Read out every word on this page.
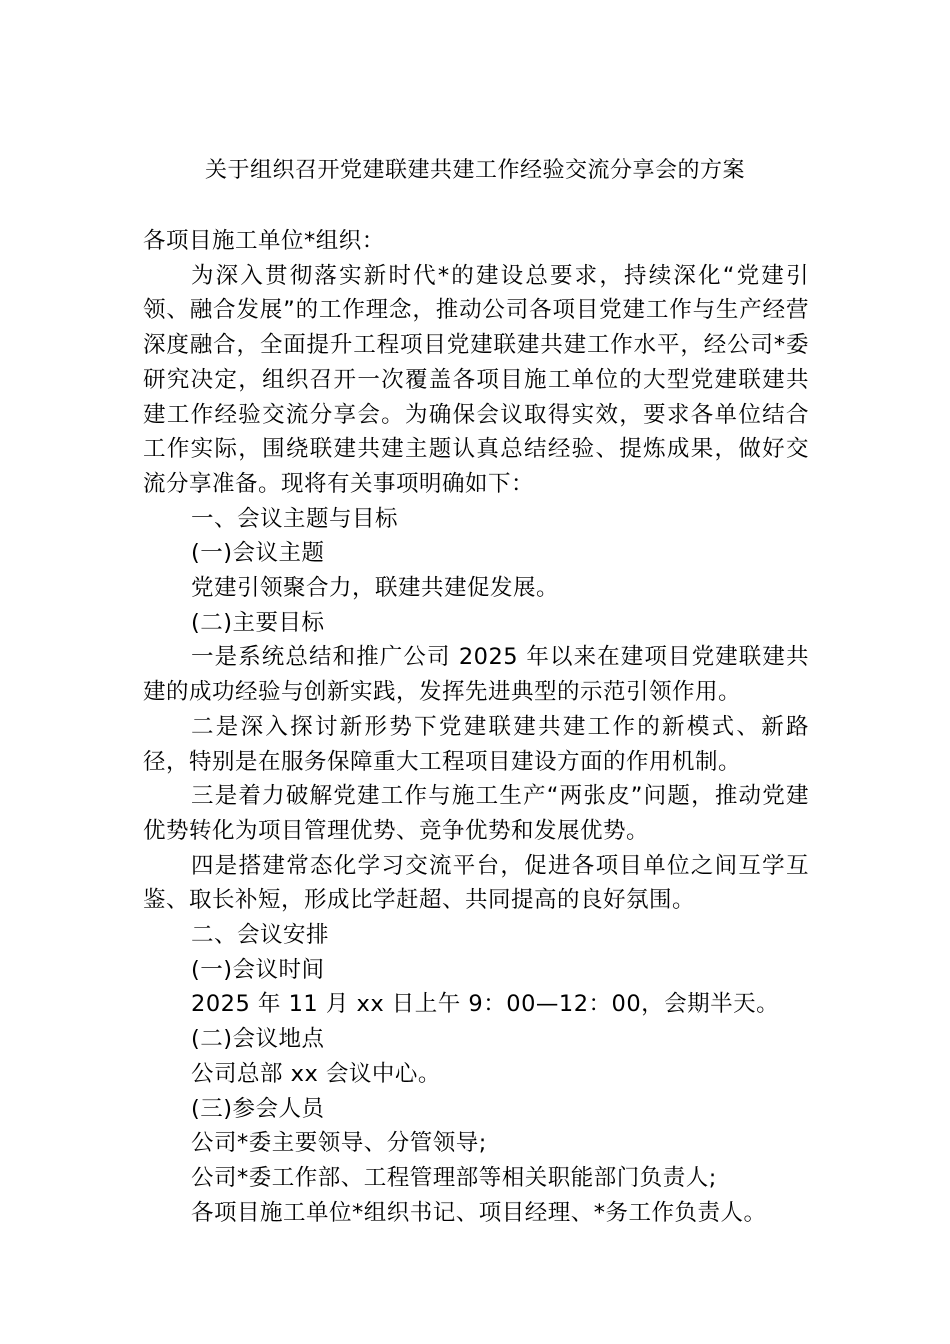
关于组织召开党建联建共建工作经验交流分享会的方案

各项目施工单位*组织：

为深入贯彻落实新时代*的建设总要求，持续深化“党建引领、融合发展”的工作理念，推动公司各项目党建工作与生产经营深度融合，全面提升工程项目党建联建共建工作水平，经公司*委研究决定，组织召开一次覆盖各项目施工单位的大型党建联建共建工作经验交流分享会。为确保会议取得实效，要求各单位结合工作实际，围绕联建共建主题认真总结经验、提炼成果，做好交流分享准备。现将有关事项明确如下：

一、会议主题与目标

(一)会议主题

党建引领聚合力，联建共建促发展。

(二)主要目标

一是系统总结和推广公司 2025 年以来在建项目党建联建共建的成功经验与创新实践，发挥先进典型的示范引领作用。

二是深入探讨新形势下党建联建共建工作的新模式、新路径，特别是在服务保障重大工程项目建设方面的作用机制。

三是着力破解党建工作与施工生产“两张皮”问题，推动党建优势转化为项目管理优势、竞争优势和发展优势。

四是搭建常态化学习交流平台，促进各项目单位之间互学互鉴、取长补短，形成比学赶超、共同提高的良好氛围。

二、会议安排

(一)会议时间

2025 年 11 月 xx 日上午 9：00—12：00，会期半天。

(二)会议地点

公司总部 xx 会议中心。

(三)参会人员

公司*委主要领导、分管领导;

公司*委工作部、工程管理部等相关职能部门负责人;

各项目施工单位*组织书记、项目经理、*务工作负责人。
